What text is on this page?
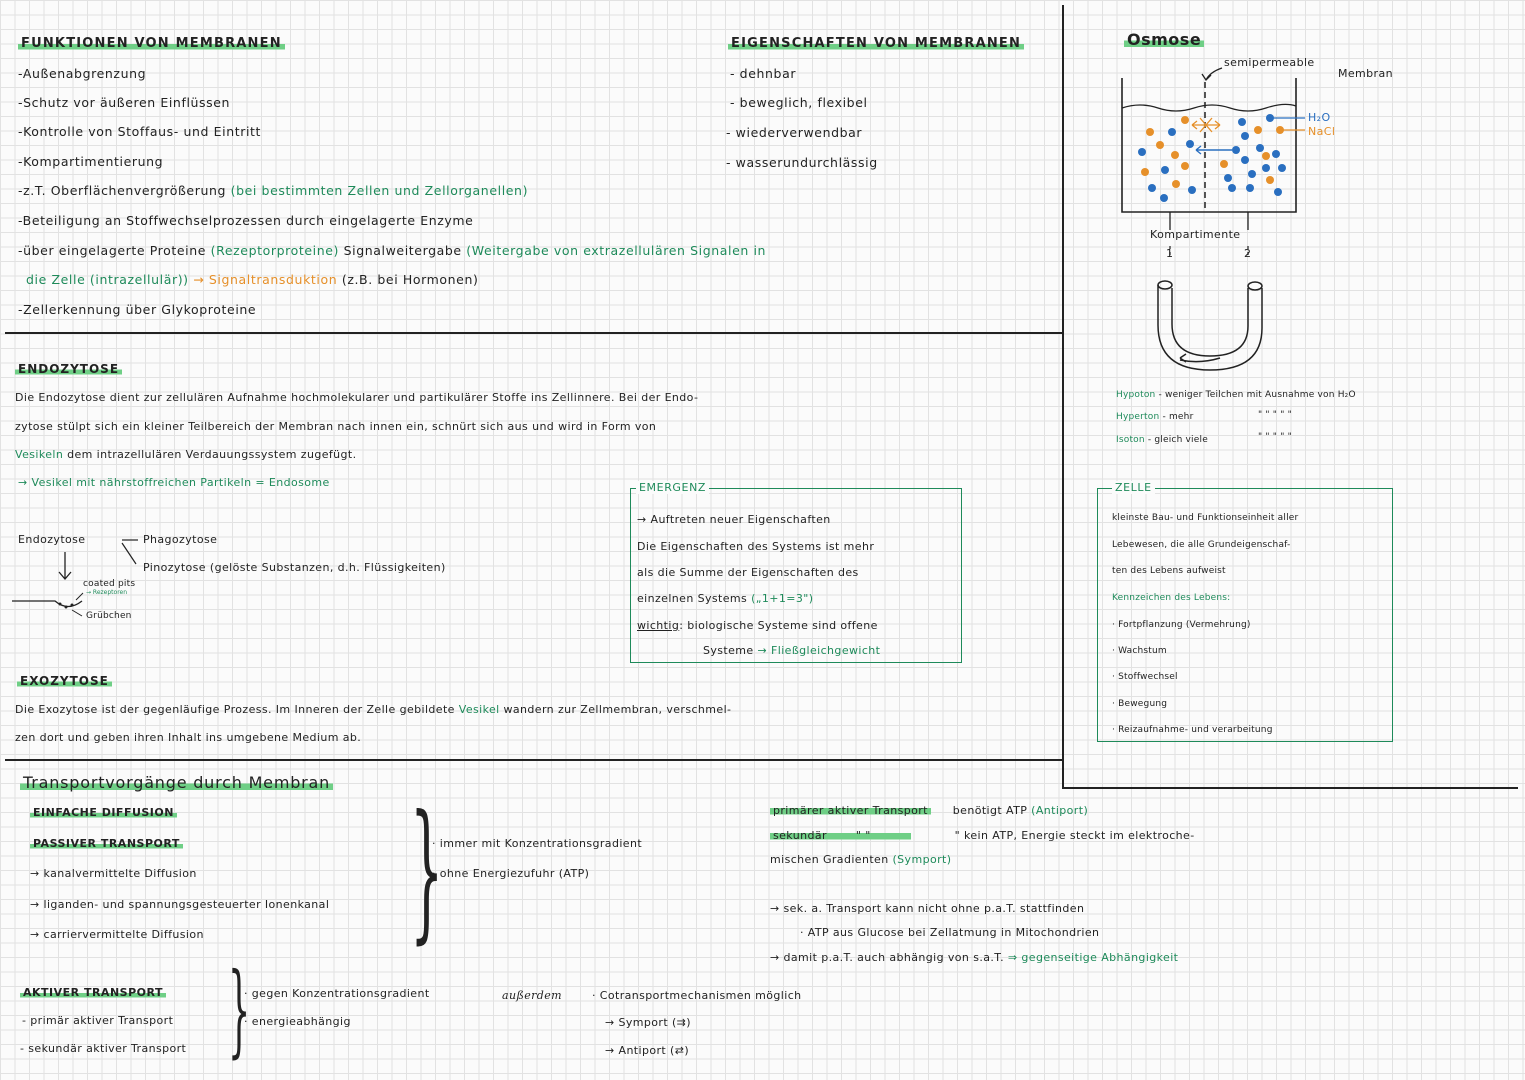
FUNKTIONEN VON MEMBRANEN
-Außenabgrenzung
-Schutz vor äußeren Einflüssen
-Kontrolle von Stoffaus- und Eintritt
-Kompartimentierung
-z.T. Oberflächenvergrößerung (bei bestimmten Zellen und Zellorganellen)
-Beteiligung an Stoffwechselprozessen durch eingelagerte Enzyme
-über eingelagerte Proteine (Rezeptorproteine) Signalweitergabe (Weitergabe von extrazellulären Signalen in
die Zelle (intrazellulär)) → Signaltransduktion (z.B. bei Hormonen)
-Zellerkennung über Glykoproteine
EIGENSCHAFTEN VON MEMBRANEN
- dehnbar
- beweglich, flexibel
- wiederverwendbar
- wasserundurchlässig
Osmose
semipermeable
Membran
H₂O
NaCl
Kompartimente
1	2
Hypoton - weniger Teilchen mit Ausnahme von H₂O
Hyperton - mehr	" " " " "
Isoton - gleich viele	" " " " "
ZELLE
kleinste Bau- und Funktionseinheit aller
Lebewesen, die alle Grundeigenschaf-
ten des Lebens aufweist
Kennzeichen des Lebens:
· Fortpflanzung (Vermehrung)
· Wachstum
· Stoffwechsel
· Bewegung
· Reizaufnahme- und verarbeitung
ENDOZYTOSE
Die Endozytose dient zur zellulären Aufnahme hochmolekularer und partikulärer Stoffe ins Zellinnere. Bei der Endo-
zytose stülpt sich ein kleiner Teilbereich der Membran nach innen ein, schnürt sich aus und wird in Form von
Vesikeln dem intrazellulären Verdauungssystem zugefügt.
→ Vesikel mit nährstoffreichen Partikeln = Endosome
Endozytose	Phagozytose
Pinozytose (gelöste Substanzen, d.h. Flüssigkeiten)
coated pits
→ Rezeptoren
Grübchen
EMERGENZ
→ Auftreten neuer Eigenschaften
Die Eigenschaften des Systems ist mehr
als die Summe der Eigenschaften des
einzelnen Systems („1+1=3")
wichtig: biologische Systeme sind offene
Systeme → Fließgleichgewicht
EXOZYTOSE
Die Exozytose ist der gegenläufige Prozess. Im Inneren der Zelle gebildete Vesikel wandern zur Zellmembran, verschmel-
zen dort und geben ihren Inhalt ins umgebene Medium ab.
Transportvorgänge durch Membran
EINFACHE DIFFUSION
PASSIVER TRANSPORT
→ kanalvermittelte Diffusion
→ liganden- und spannungsgesteuerter Ionenkanal
→ carriervermittelte Diffusion }
· immer mit Konzentrationsgradient
· ohne Energiezufuhr (ATP)
AKTIVER TRANSPORT
- primär aktiver Transport
- sekundär aktiver Transport }
· gegen Konzentrationsgradient
· energieabhängig
außerdem	· Cotransportmechanismen möglich
→ Symport (⇉)
→ Antiport (⇄)
primärer aktiver Transport benötigt ATP (Antiport)
sekundär	" "	" kein ATP, Energie steckt im elektroche-
mischen Gradienten (Symport)
→ sek. a. Transport kann nicht ohne p.a.T. stattfinden
· ATP aus Glucose bei Zellatmung in Mitochondrien
→ damit p.a.T. auch abhängig von s.a.T. ⇒ gegenseitige Abhängigkeit
